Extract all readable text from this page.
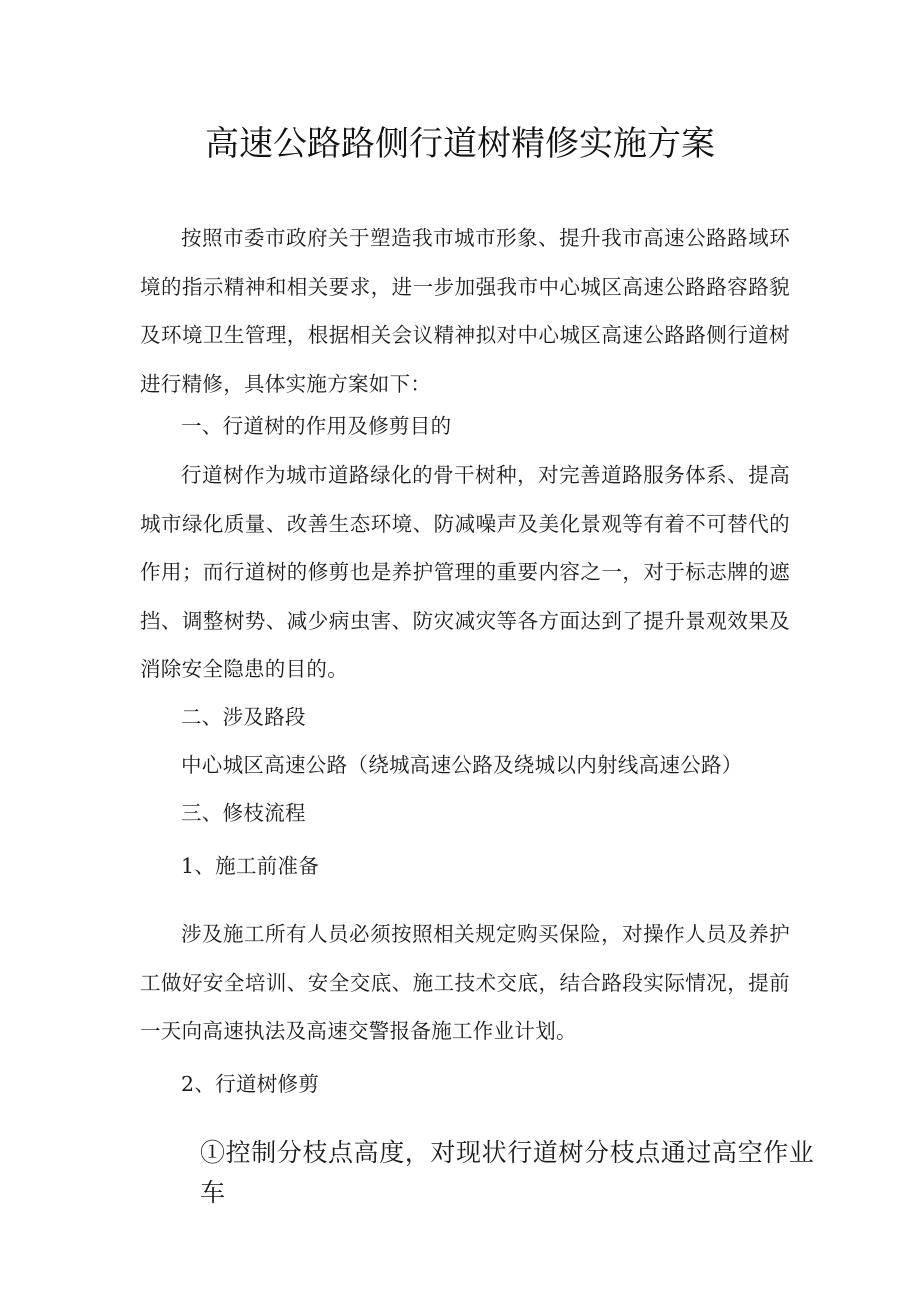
高速公路路侧行道树精修实施方案

按照市委市政府关于塑造我市城市形象、提升我市高速公路路域环境的指示精神和相关要求，进一步加强我市中心城区高速公路路容路貌及环境卫生管理，根据相关会议精神拟对中心城区高速公路路侧行道树进行精修，具体实施方案如下：

一、行道树的作用及修剪目的

行道树作为城市道路绿化的骨干树种，对完善道路服务体系、提高城市绿化质量、改善生态环境、防减噪声及美化景观等有着不可替代的作用；而行道树的修剪也是养护管理的重要内容之一，对于标志牌的遮挡、调整树势、减少病虫害、防灾减灾等各方面达到了提升景观效果及消除安全隐患的目的。

二、涉及路段

中心城区高速公路（绕城高速公路及绕城以内射线高速公路）

三、修枝流程

1、施工前准备

涉及施工所有人员必须按照相关规定购买保险，对操作人员及养护工做好安全培训、安全交底、施工技术交底，结合路段实际情况，提前一天向高速执法及高速交警报备施工作业计划。

2、行道树修剪

①控制分枝点高度，对现状行道树分枝点通过高空作业车
